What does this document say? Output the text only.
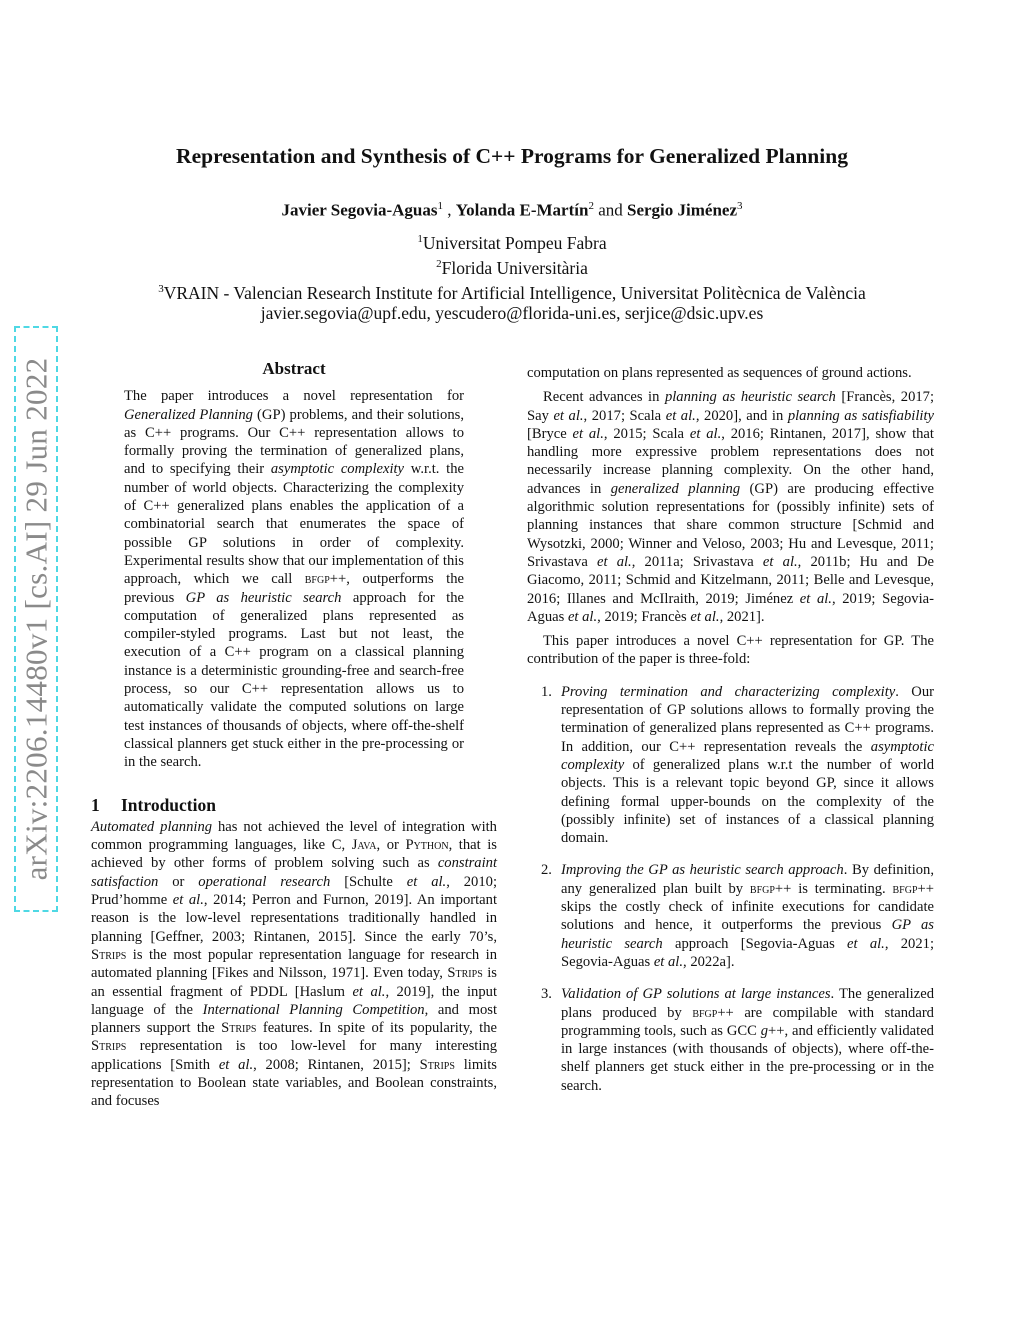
arXiv:2206.14480v1 [cs.AI] 29 Jun 2022
Representation and Synthesis of C++ Programs for Generalized Planning

Javier Segovia-Aguas$^1$ , Yolanda E-Martín$^2$ and Sergio Jiménez$^3$

$^1$Universitat Pompeu Fabra
$^2$Florida Universitària
$^3$VRAIN - Valencian Research Institute for Artificial Intelligence, Universitat Politècnica de València
javier.segovia@upf.edu, yescudero@florida-uni.es, serjice@dsic.upv.es

Abstract

The paper introduces a novel representation for Generalized Planning (GP) problems, and their solutions, as C++ programs. Our C++ representation allows to formally proving the termination of generalized plans, and to specifying their asymptotic complexity w.r.t. the number of world objects. Characterizing the complexity of C++ generalized plans enables the application of a combinatorial search that enumerates the space of possible GP solutions in order of complexity. Experimental results show that our implementation of this approach, which we call bfgp++, outperforms the previous GP as heuristic search approach for the computation of generalized plans represented as compiler-styled programs. Last but not least, the execution of a C++ program on a classical planning instance is a deterministic grounding-free and search-free process, so our C++ representation allows us to automatically validate the computed solutions on large test instances of thousands of objects, where off-the-shelf classical planners get stuck either in the pre-processing or in the search.

1 Introduction

Automated planning has not achieved the level of integration with common programming languages, like C, Java, or Python, that is achieved by other forms of problem solving such as constraint satisfaction or operational research [Schulte et al., 2010; Prud’homme et al., 2014; Perron and Furnon, 2019]. An important reason is the low-level representations traditionally handled in planning [Geffner, 2003; Rintanen, 2015]. Since the early 70’s, Strips is the most popular representation language for research in automated planning [Fikes and Nilsson, 1971]. Even today, Strips is an essential fragment of PDDL [Haslum et al., 2019], the input language of the International Planning Competition, and most planners support the Strips features. In spite of its popularity, the Strips representation is too low-level for many interesting applications [Smith et al., 2008; Rintanen, 2015]; Strips limits representation to Boolean state variables, and Boolean constraints, and focuses

computation on plans represented as sequences of ground actions.

Recent advances in planning as heuristic search [Francès, 2017; Say et al., 2017; Scala et al., 2020], and in planning as satisfiability [Bryce et al., 2015; Scala et al., 2016; Rintanen, 2017], show that handling more expressive problem representations does not necessarily increase planning complexity. On the other hand, advances in generalized planning (GP) are producing effective algorithmic solution representations for (possibly infinite) sets of planning instances that share common structure [Schmid and Wysotzki, 2000; Winner and Veloso, 2003; Hu and Levesque, 2011; Srivastava et al., 2011a; Srivastava et al., 2011b; Hu and De Giacomo, 2011; Schmid and Kitzelmann, 2011; Belle and Levesque, 2016; Illanes and McIlraith, 2019; Jiménez et al., 2019; Segovia-Aguas et al., 2019; Francès et al., 2021].

This paper introduces a novel C++ representation for GP. The contribution of the paper is three-fold:

1. Proving termination and characterizing complexity. Our representation of GP solutions allows to formally proving the termination of generalized plans represented as C++ programs. In addition, our C++ representation reveals the asymptotic complexity of generalized plans w.r.t the number of world objects. This is a relevant topic beyond GP, since it allows defining formal upper-bounds on the complexity of the (possibly infinite) set of instances of a classical planning domain.
2. Improving the GP as heuristic search approach. By definition, any generalized plan built by bfgp++ is terminating. bfgp++ skips the costly check of infinite executions for candidate solutions and hence, it outperforms the previous GP as heuristic search approach [Segovia-Aguas et al., 2021; Segovia-Aguas et al., 2022a].
3. Validation of GP solutions at large instances. The generalized plans produced by bfgp++ are compilable with standard programming tools, such as GCC g++, and efficiently validated in large instances (with thousands of objects), where off-the-shelf planners get stuck either in the pre-processing or in the search.
